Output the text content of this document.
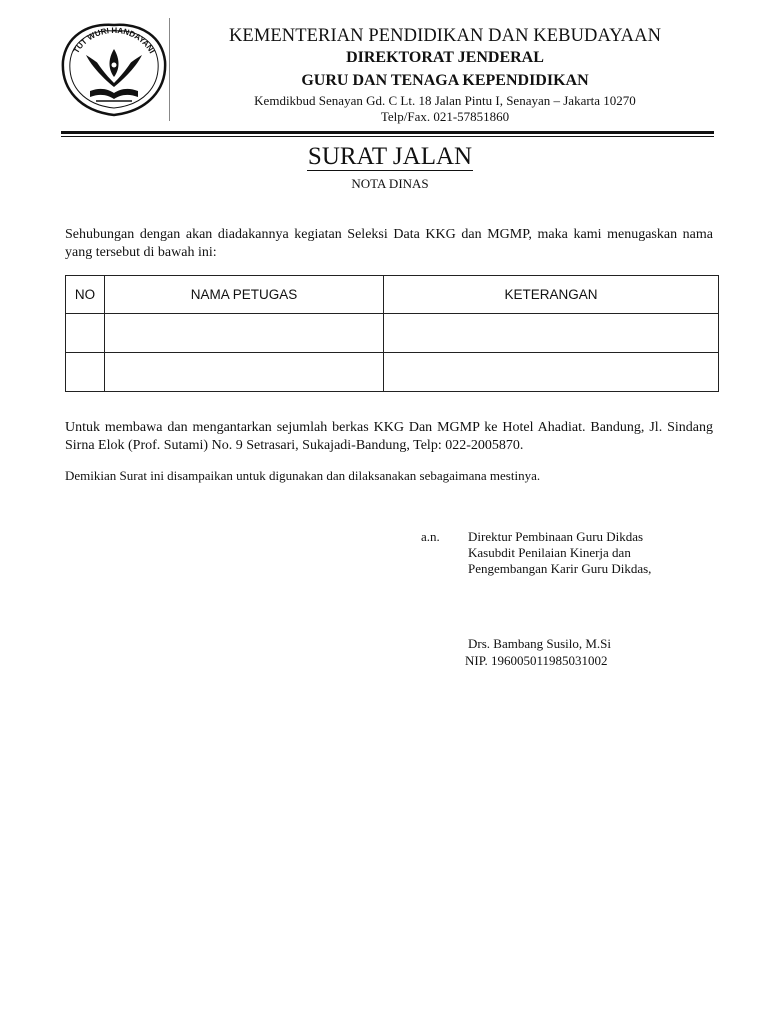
TUT WURI HANDAYANI
KEMENTERIAN PENDIDIKAN DAN KEBUDAYAAN
DIREKTORAT JENDERAL
GURU DAN TENAGA KEPENDIDIKAN
Kemdikbud Senayan Gd. C Lt. 18 Jalan Pintu I, Senayan – Jakarta 10270
Telp/Fax. 021-57851860
SURAT JALAN
NOTA DINAS
Sehubungan dengan akan diadakannya kegiatan Seleksi Data KKG dan MGMP, maka kami menugaskan nama yang tersebut di bawah ini:
NO	NAMA PETUGAS	KETERANGAN

Untuk membawa dan mengantarkan sejumlah berkas KKG Dan MGMP ke Hotel Ahadiat. Bandung, Jl. Sindang Sirna Elok (Prof. Sutami) No. 9 Setrasari, Sukajadi-Bandung, Telp: 022-2005870.
Demikian Surat ini disampaikan untuk digunakan dan dilaksanakan sebagaimana mestinya.
a.n. Direktur Pembinaan Guru Dikdas
Kasubdit Penilaian Kinerja dan
Pengembangan Karir Guru Dikdas,
Drs. Bambang Susilo, M.Si
NIP. 196005011985031002
